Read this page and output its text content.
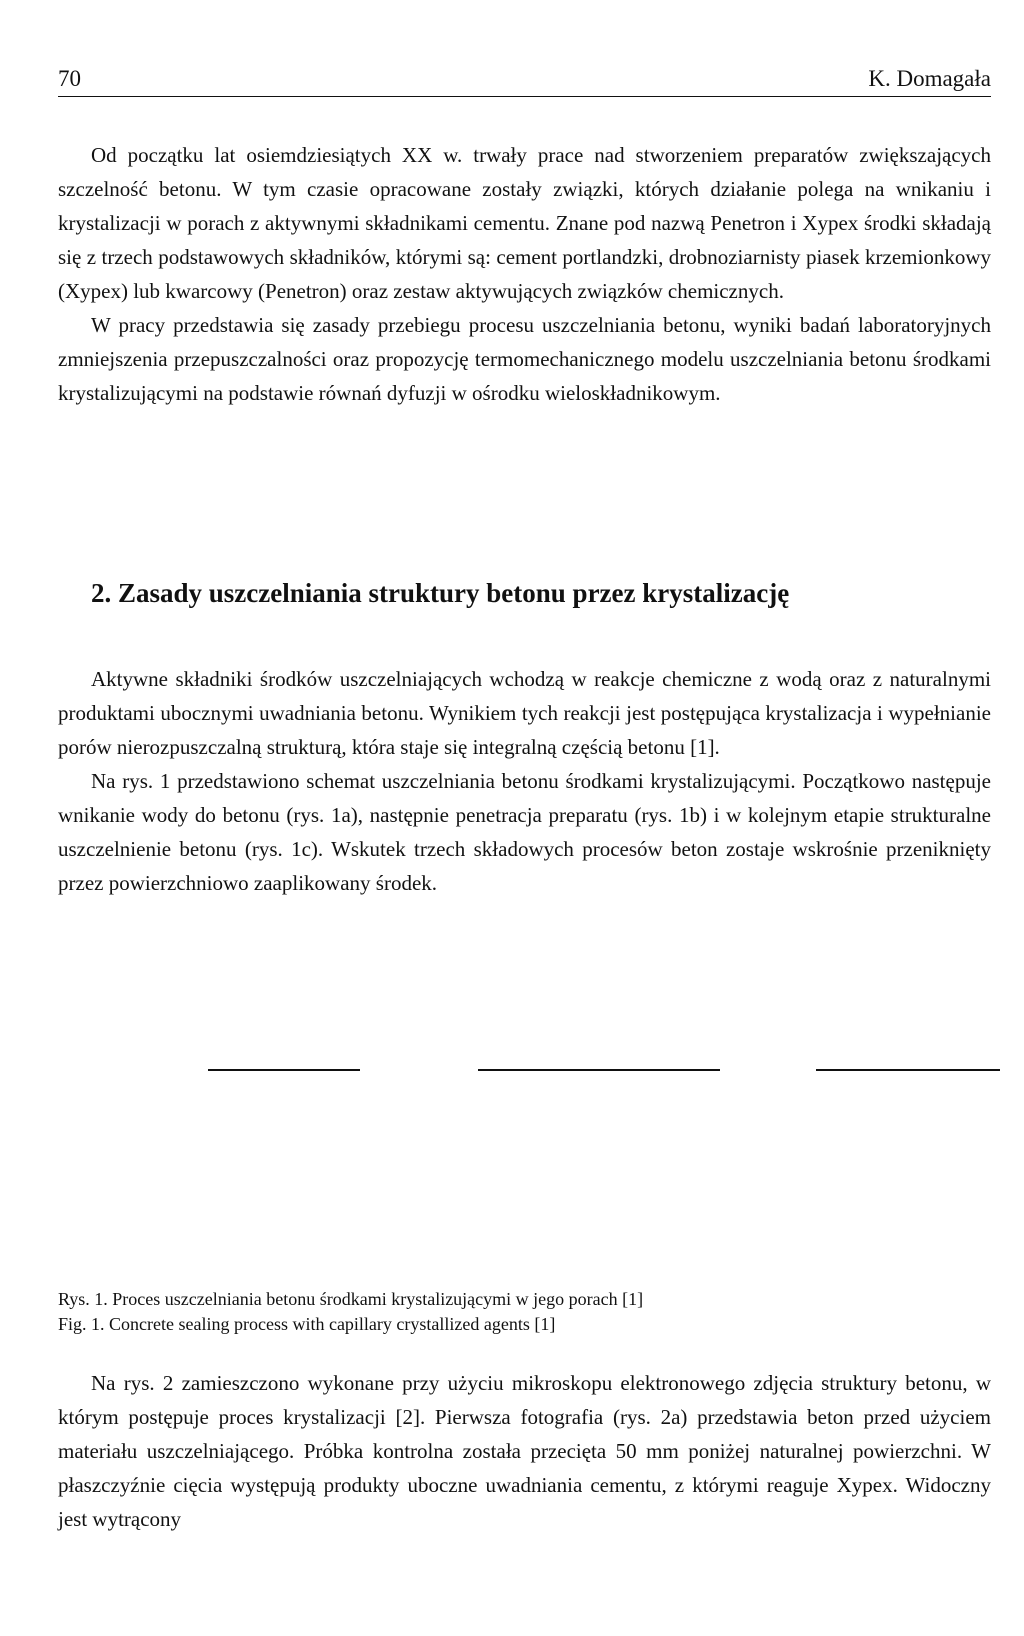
70	K. Domagała

Od początku lat osiemdziesiątych XX w. trwały prace nad stworzeniem preparatów zwiększających szczelność betonu. W tym czasie opracowane zostały związki, których działanie polega na wnikaniu i krystalizacji w porach z aktywnymi składnikami cementu. Znane pod nazwą Penetron i Xypex środki składają się z trzech podstawowych składników, którymi są: cement portlandzki, drobnoziarnisty piasek krzemionkowy (Xypex) lub kwarcowy (Penetron) oraz zestaw aktywujących związków chemicznych.

W pracy przedstawia się zasady przebiegu procesu uszczelniania betonu, wyniki badań laboratoryjnych zmniejszenia przepuszczalności oraz propozycję termomechanicznego modelu uszczelniania betonu środkami krystalizującymi na podstawie równań dyfuzji w ośrodku wieloskładnikowym.

2. Zasady uszczelniania struktury betonu przez krystalizację

Aktywne składniki środków uszczelniających wchodzą w reakcje chemiczne z wodą oraz z naturalnymi produktami ubocznymi uwadniania betonu. Wynikiem tych reakcji jest postępująca krystalizacja i wypełnianie porów nierozpuszczalną strukturą, która staje się integralną częścią betonu [1].

Na rys. 1 przedstawiono schemat uszczelniania betonu środkami krystalizującymi. Początkowo następuje wnikanie wody do betonu (rys. 1a), następnie penetracja preparatu (rys. 1b) i w kolejnym etapie strukturalne uszczelnienie betonu (rys. 1c). Wskutek trzech składowych procesów beton zostaje wskrośnie przeniknięty przez powierzchniowo zaaplikowany środek.

Rys. 1. Proces uszczelniania betonu środkami krystalizującymi w jego porach [1]
Fig. 1. Concrete sealing process with capillary crystallized agents [1]

Na rys. 2 zamieszczono wykonane przy użyciu mikroskopu elektronowego zdjęcia struktury betonu, w którym postępuje proces krystalizacji [2]. Pierwsza fotografia (rys. 2a) przedstawia beton przed użyciem materiału uszczelniającego. Próbka kontrolna została przecięta 50 mm poniżej naturalnej powierzchni. W płaszczyźnie cięcia występują produkty uboczne uwadniania cementu, z którymi reaguje Xypex. Widoczny jest wytrącony
